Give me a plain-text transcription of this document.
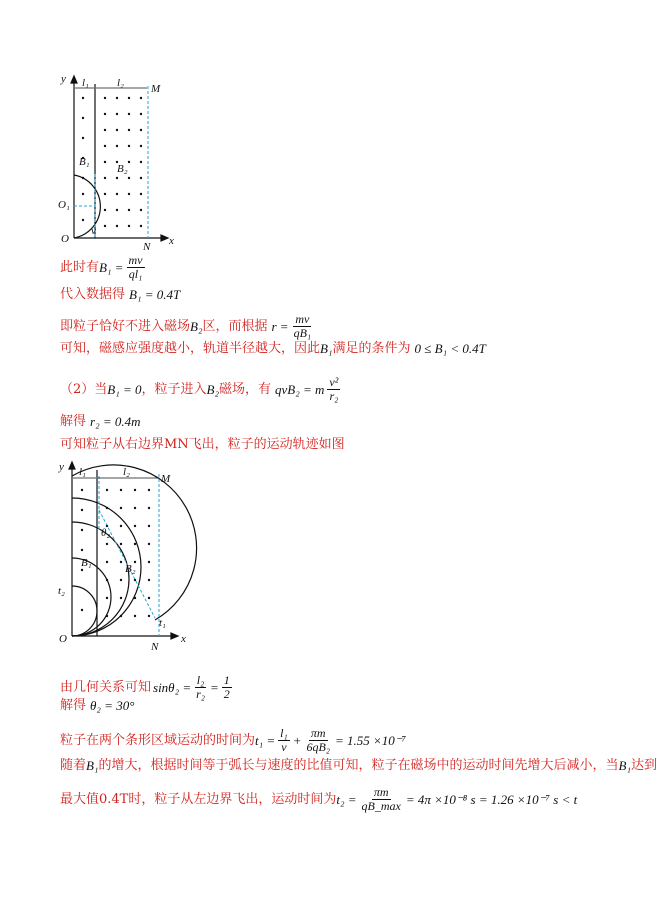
y
x
O
O₁
l₁	l₂ M
N
B₁
B₂
v
此时有 $B_1 = \frac{mv}{\text{ql₁}}$
代入数据得 B₁ = 0.4T
即粒子恰好不进入磁场 B₂ 区，而根据 $r = \frac{mv}{\text{qB₁}}$
可知，磁感应强度越小，轨道半径越大，因此 B₁ 满足的条件为 0 ≤ B₁ < 0.4T
（2）当 B₁ = 0 ，粒子进入 B₂ 磁场，有 qvB₂ = m $\frac{\text{v²}}{\text{r₂}}$
解得 r₂ = 0.4m
可知粒子从右边界MN飞出，粒子的运动轨迹如图
y
x
O
l₁	l₂
M
N
B₁	B₂
θ₂
t₁
t₂
由几何关系可知 $\sin\theta_2 = \frac{\text{l₂}}{\text{r₂}} = \frac{1}{2}$
解得 θ₂ = 30°
粒子在两个条形区域运动的时间为 $t_1 = \frac{\text{l₁}}{v} + \frac{\pi m}{\text{6qB₂}} = 1.55 \times 10^{-7}$
随着 B₁ 的增大，根据时间等于弧长与速度的比值可知，粒子在磁场中的运动时间先增大后减小，当 B₁ 达到
最大值0.4T时，粒子从左边界飞出，运动时间为 $t_2 = \frac{\pi m}{qB\_\max} = 4\pi \times 10^{-8}$ s = 1.26 ×10⁻⁷ s < t
